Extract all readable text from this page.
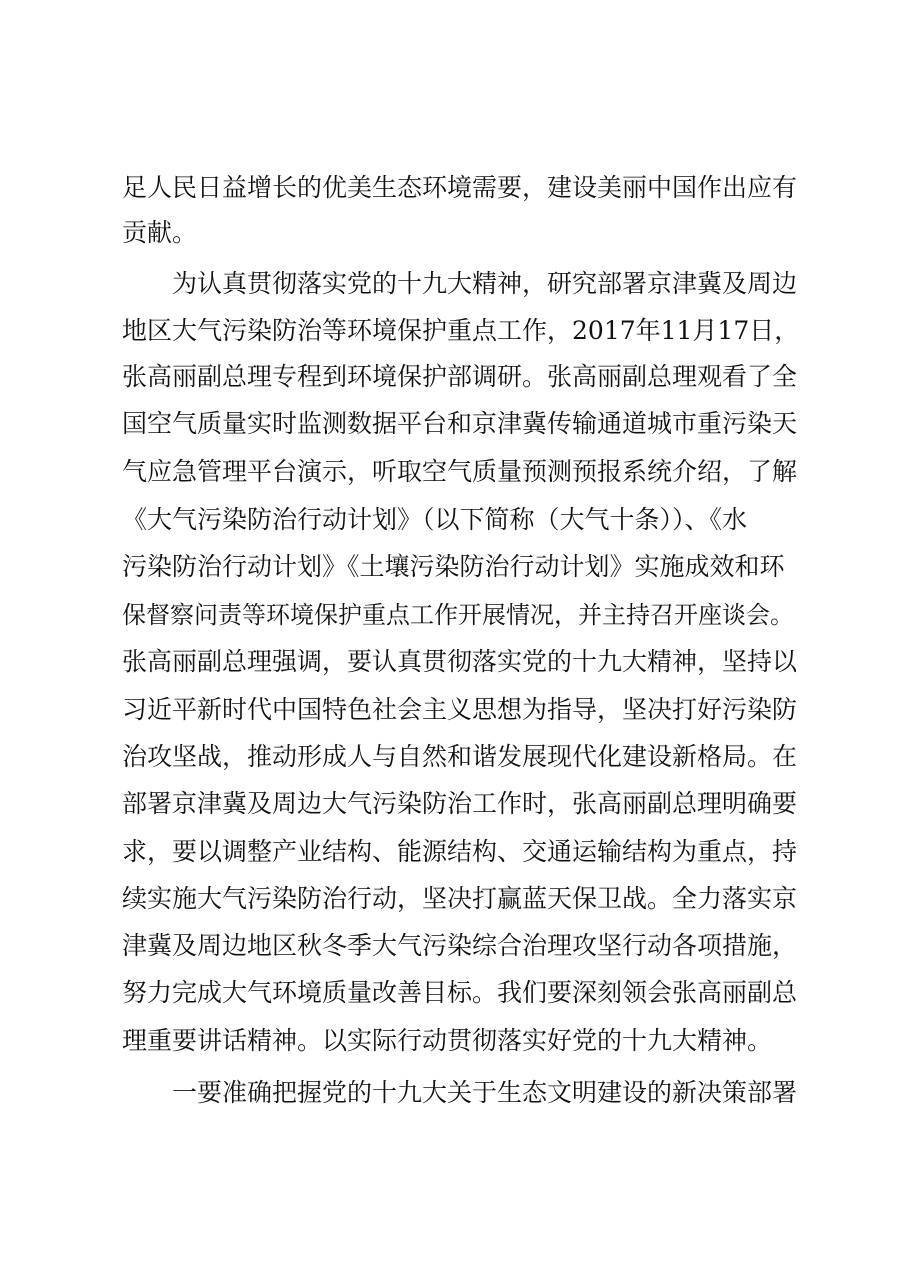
足人民日益增长的优美生态环境需要，建设美丽中国作出应有
贡献。
为认真贯彻落实党的十九大精神，研究部署京津冀及周边
地区大气污染防治等环境保护重点工作，2017年11月17日，
张高丽副总理专程到环境保护部调研。张高丽副总理观看了全
国空气质量实时监测数据平台和京津冀传输通道城市重污染天
气应急管理平台演示，听取空气质量预测预报系统介绍，了解
《大气污染防治行动计划》（以下简称（大气十条））、《水
污染防治行动计划》《土壤污染防治行动计划》实施成效和环
保督察问责等环境保护重点工作开展情况，并主持召开座谈会。
张高丽副总理强调，要认真贯彻落实党的十九大精神，坚持以
习近平新时代中国特色社会主义思想为指导，坚决打好污染防
治攻坚战，推动形成人与自然和谐发展现代化建设新格局。在
部署京津冀及周边大气污染防治工作时，张高丽副总理明确要
求，要以调整产业结构、能源结构、交通运输结构为重点，持
续实施大气污染防治行动，坚决打赢蓝天保卫战。全力落实京
津冀及周边地区秋冬季大气污染综合治理攻坚行动各项措施，
努力完成大气环境质量改善目标。我们要深刻领会张高丽副总
理重要讲话精神。以实际行动贯彻落实好党的十九大精神。
一要准确把握党的十九大关于生态文明建设的新决策部署
